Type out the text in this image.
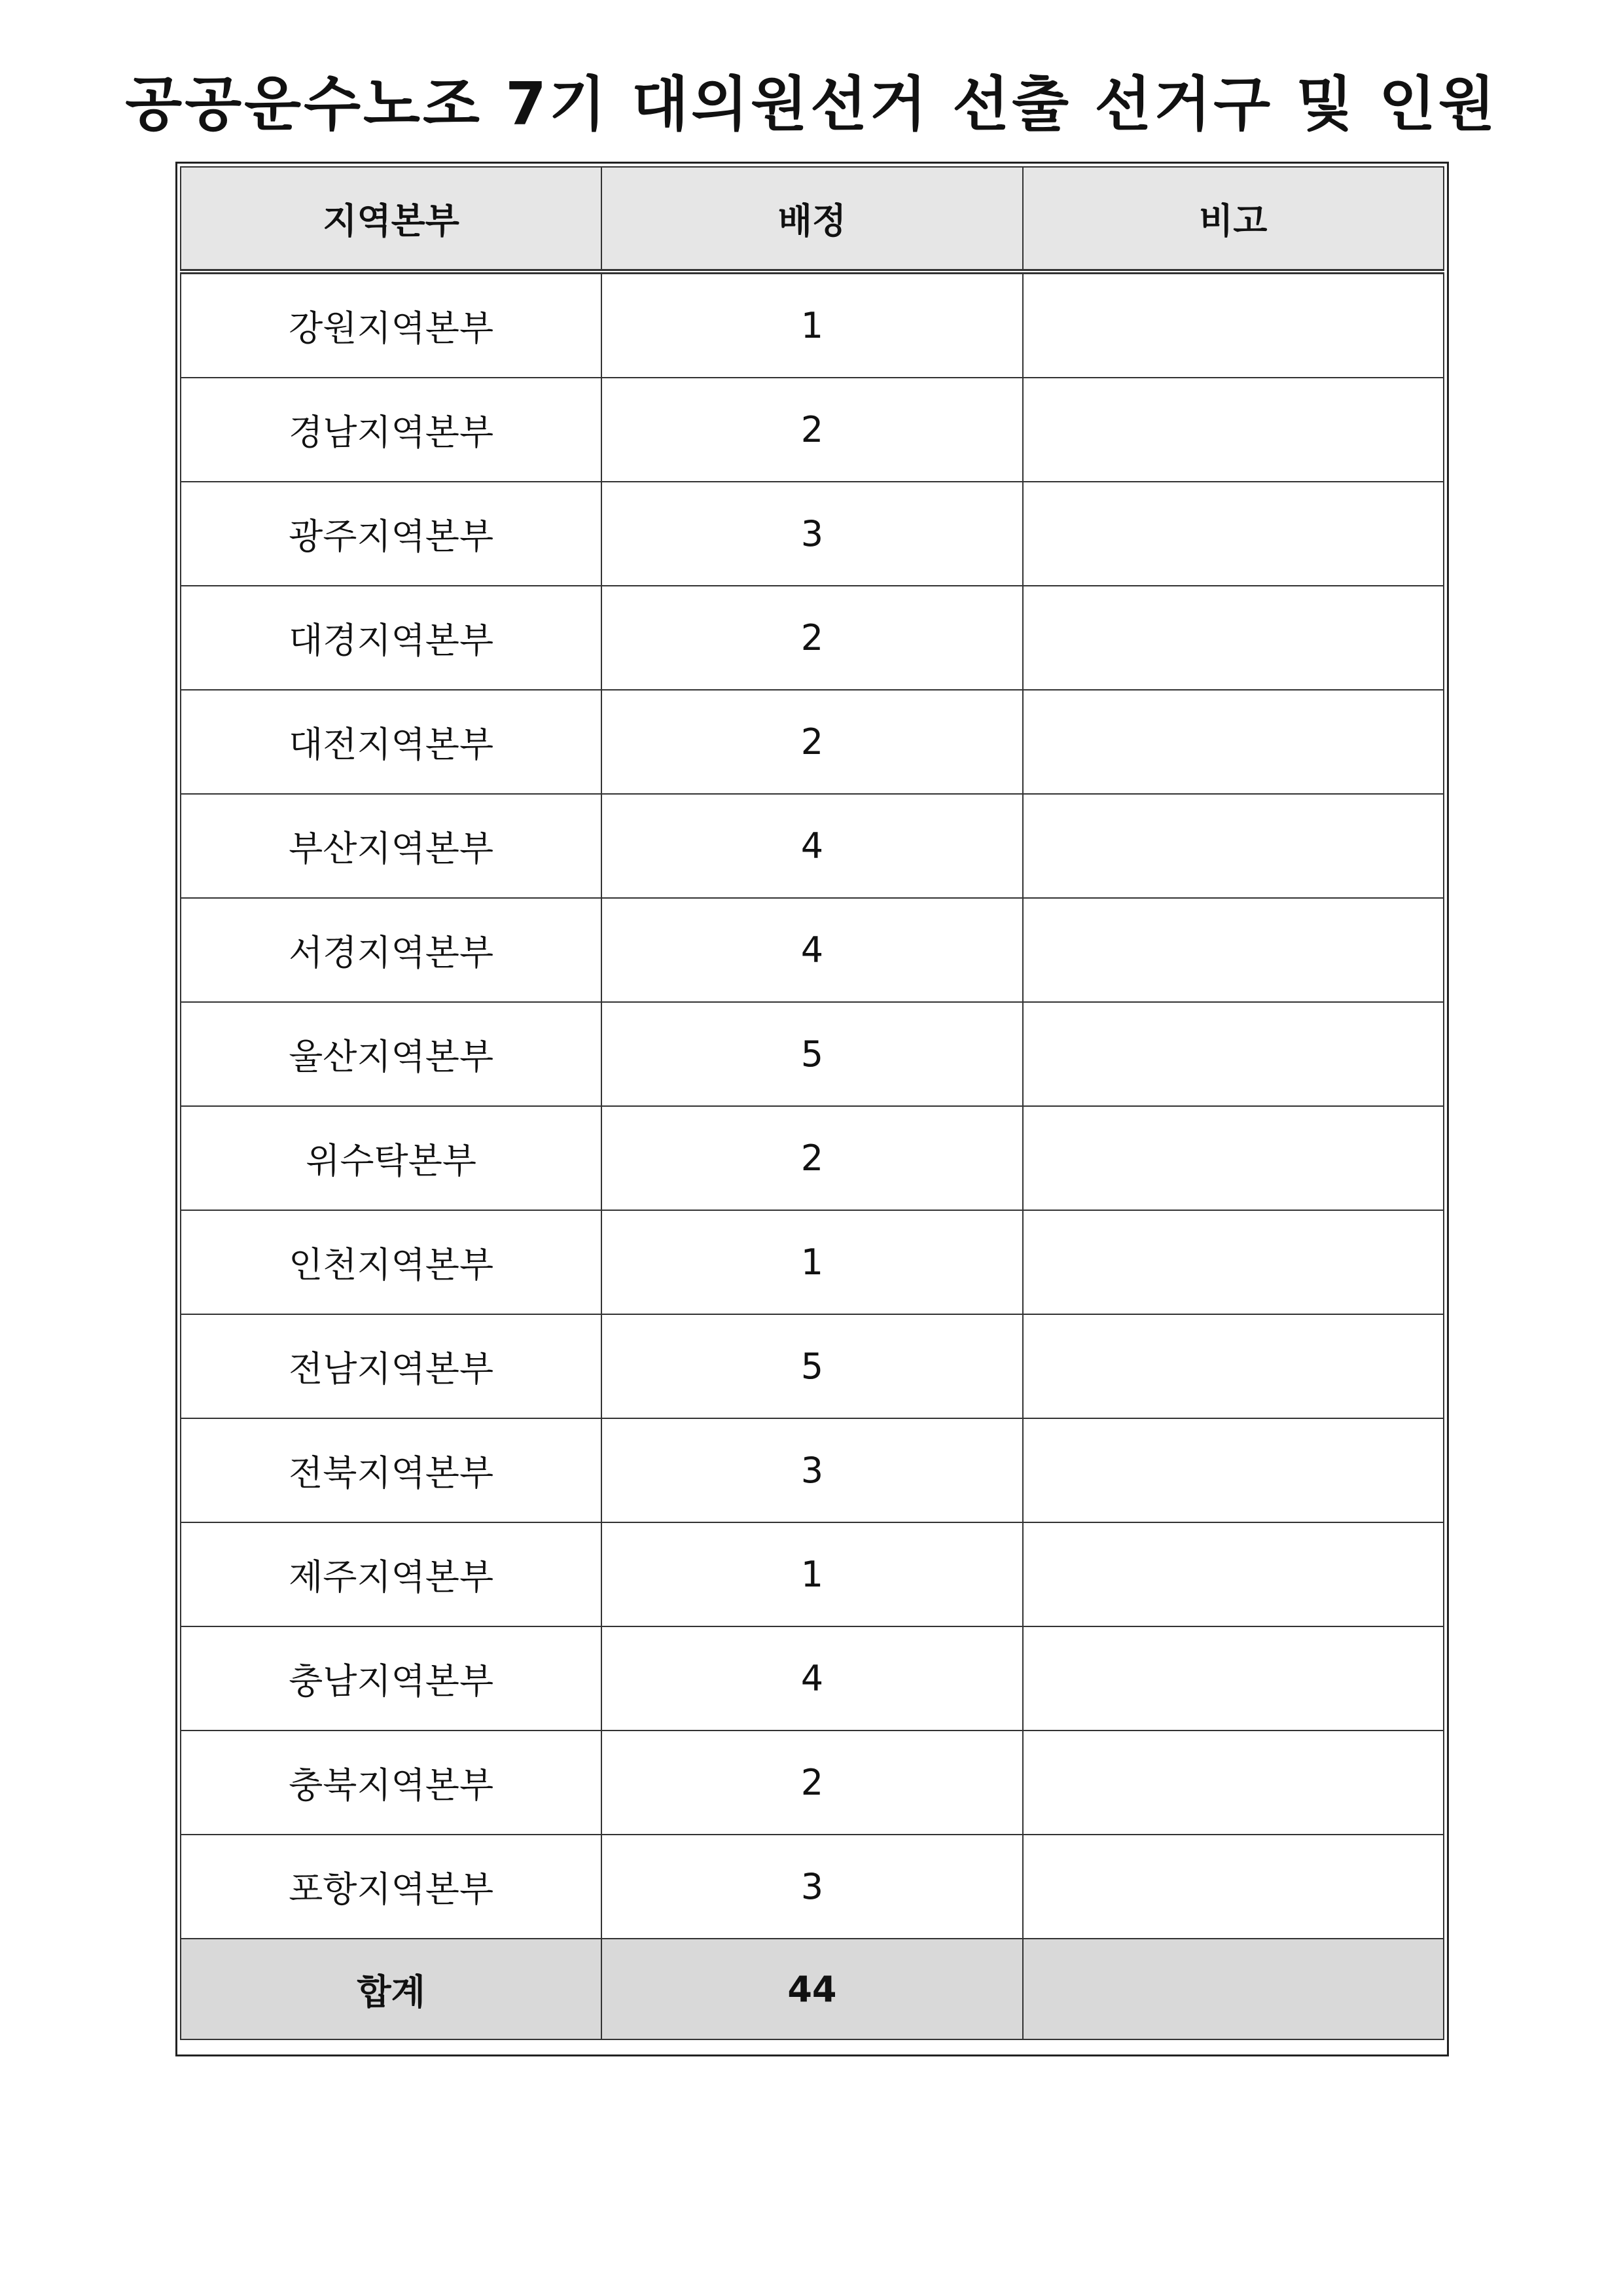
공공운수노조 7기 대의원선거 선출 선거구 및 인원
지역본부	배정	비고
강원지역본부	1	
경남지역본부	2	
광주지역본부	3	
대경지역본부	2	
대전지역본부	2	
부산지역본부	4	
서경지역본부	4	
울산지역본부	5	
위수탁본부	2	
인천지역본부	1	
전남지역본부	5	
전북지역본부	3	
제주지역본부	1	
충남지역본부	4	
충북지역본부	2	
포항지역본부	3	
합계	44	
